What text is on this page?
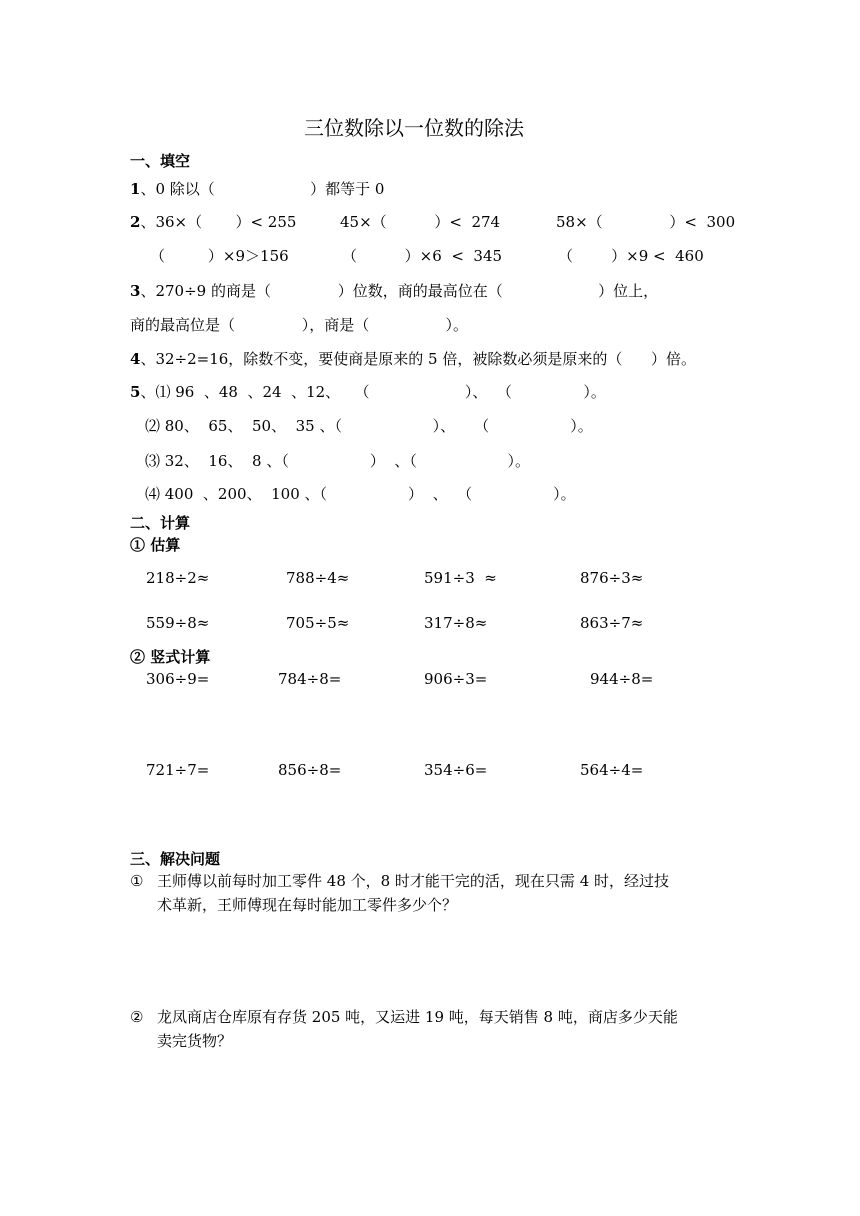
三位数除以一位数的除法
一、填空
1、0 除以（                    ）都等于 0
2、36×（       ）< 255	45×（          ）<  274	58×（              ）<  300
（         ）×9＞156	（          ）×6  <  345	（        ）×9 <  460
3、270÷9 的商是（              ）位数，商的最高位在（                    ）位上，
商的最高位是（              ），商是（                ）。
4、32÷2=16，除数不变，要使商是原来的 5 倍，被除数必须是原来的（      ）倍。
5、⑴ 96  、48  、24  、12、   （                    ）、  （               ）。
⑵ 80、  65、  50、  35 、（                   ）、    （                 ）。
⑶ 32、  16、  8 、（                 ）  、（                   ）。
⑷ 400  、200、  100 、（                 ）  、  （                 ）。
二、计算
① 估算
218÷2≈	788÷4≈	591÷3  ≈	876÷3≈
559÷8≈	705÷5≈	317÷8≈	863÷7≈
② 竖式计算
306÷9=	784÷8=	906÷3=	944÷8=
721÷7=	856÷8=	354÷6=	564÷4=
三、解决问题
① 王师傅以前每时加工零件 48 个，8 时才能干完的活，现在只需 4 时，经过技
术革新，王师傅现在每时能加工零件多少个？
② 龙凤商店仓库原有存货 205 吨，又运进 19 吨，每天销售 8 吨，商店多少天能
卖完货物？
